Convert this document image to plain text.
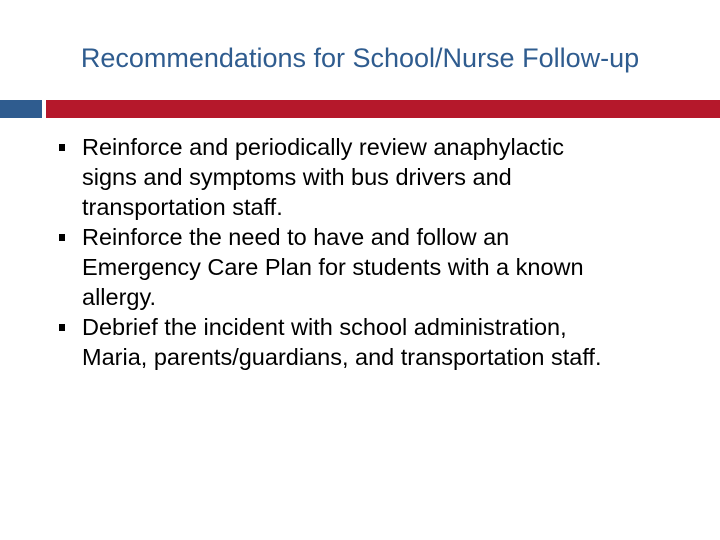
Recommendations for School/Nurse Follow-up
Reinforce and periodically review anaphylactic
signs and symptoms with bus drivers and
transportation staff.
Reinforce the need to have and follow an
Emergency Care Plan for students with a known
allergy.
Debrief the incident with school administration,
Maria, parents/guardians, and transportation staff.
